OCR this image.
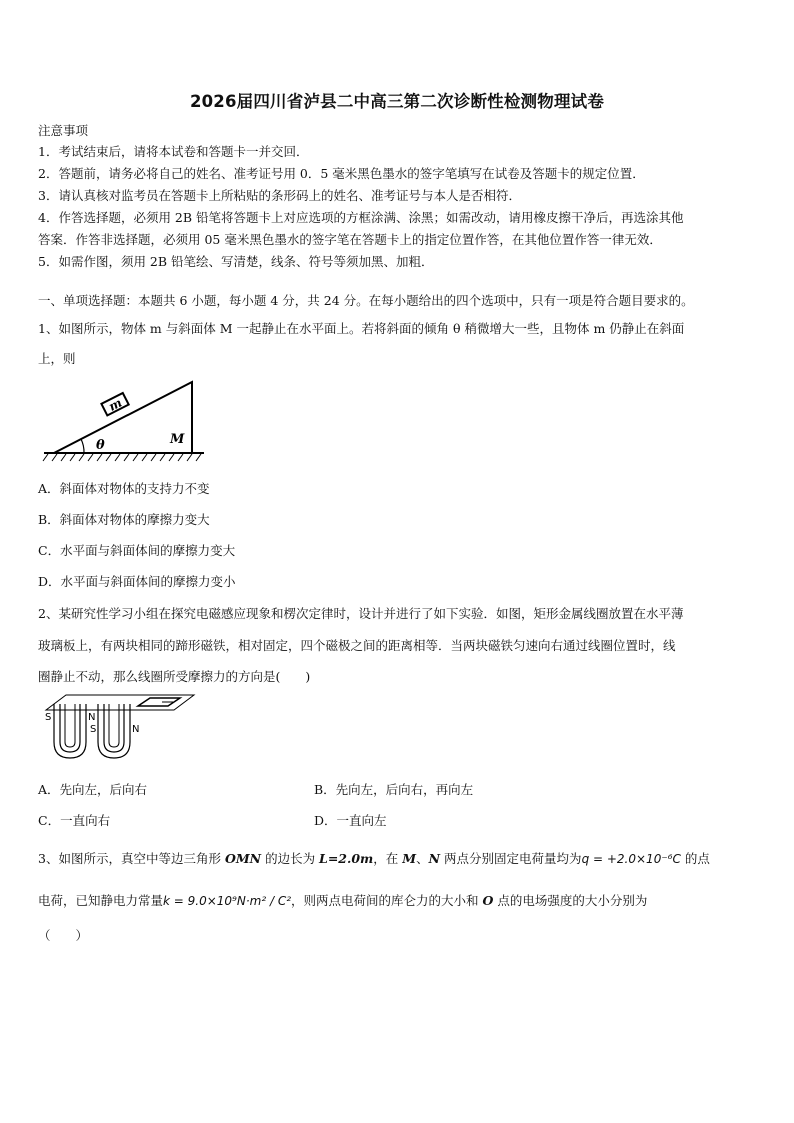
2026届四川省泸县二中高三第二次诊断性检测物理试卷
注意事项
1．考试结束后，请将本试卷和答题卡一并交回．
2．答题前，请务必将自己的姓名、准考证号用 0．5 毫米黑色墨水的签字笔填写在试卷及答题卡的规定位置．
3．请认真核对监考员在答题卡上所粘贴的条形码上的姓名、准考证号与本人是否相符．
4．作答选择题，必须用 2B 铅笔将答题卡上对应选项的方框涂满、涂黑；如需改动，请用橡皮擦干净后，再选涂其他
答案．作答非选择题，必须用 05 毫米黑色墨水的签字笔在答题卡上的指定位置作答，在其他位置作答一律无效．
5．如需作图，须用 2B 铅笔绘、写清楚，线条、符号等须加黑、加粗．
一、单项选择题：本题共 6 小题，每小题 4 分，共 24 分。在每小题给出的四个选项中，只有一项是符合题目要求的。
1、如图所示，物体 m 与斜面体 M 一起静止在水平面上。若将斜面的倾角 θ 稍微增大一些，且物体 m 仍静止在斜面
上，则
m
θ	M
A．斜面体对物体的支持力不变
B．斜面体对物体的摩擦力变大
C．水平面与斜面体间的摩擦力变大
D．水平面与斜面体间的摩擦力变小
2、某研究性学习小组在探究电磁感应现象和楞次定律时，设计并进行了如下实验．如图，矩形金属线圈放置在水平薄
玻璃板上，有两块相同的蹄形磁铁，相对固定，四个磁极之间的距离相等．当两块磁铁匀速向右通过线圈位置时，线
圈静止不动，那么线圈所受摩擦力的方向是(　　)
S	N
S	N
A．先向左，后向右	B．先向左，后向右，再向左
C．一直向右	D．一直向左
3、如图所示，真空中等边三角形 OMN 的边长为 L=2.0m，在 M、N 两点分别固定电荷量均为q = +2.0×10⁻⁶C 的点
电荷，已知静电力常量k = 9.0×10⁹N·m² / C²，则两点电荷间的库仑力的大小和 O 点的电场强度的大小分别为
（　　）
